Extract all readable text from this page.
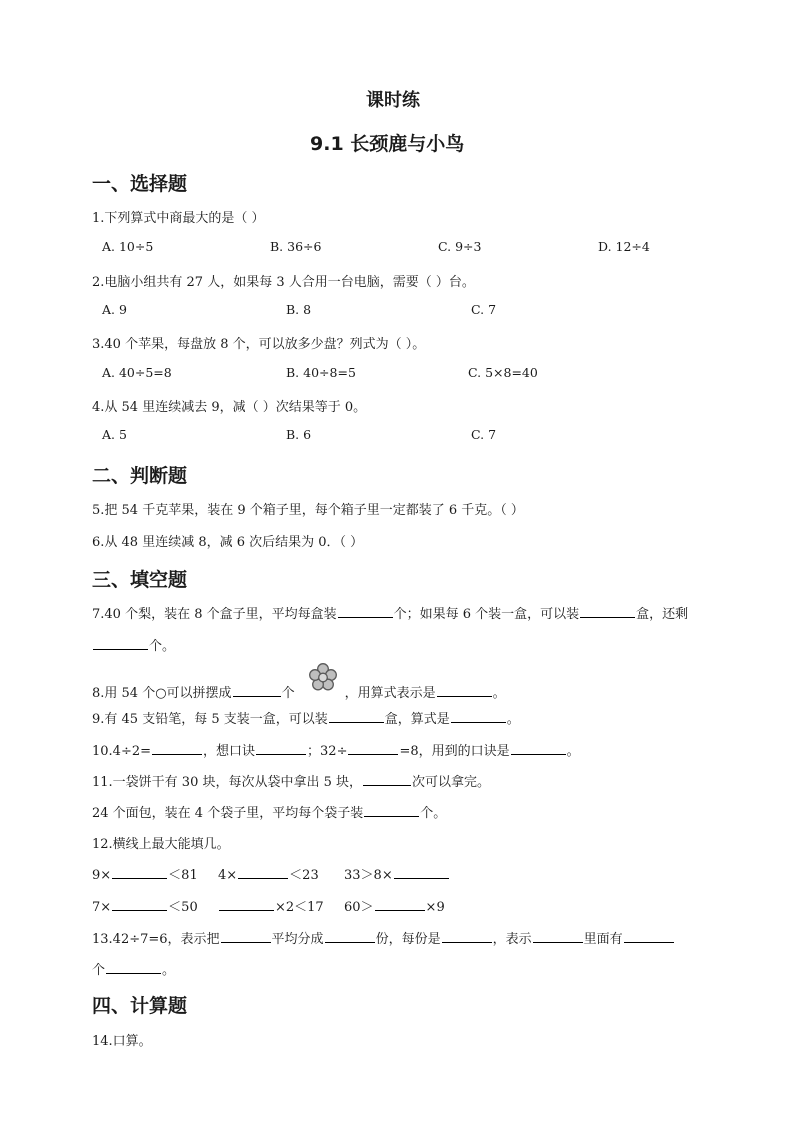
课时练
9.1 长颈鹿与小鸟
一、选择题
1.下列算式中商最大的是（ ）
A. 10÷5	B. 36÷6	C. 9÷3	D. 12÷4
2.电脑小组共有 27 人，如果每 3 人合用一台电脑，需要（ ）台。
A. 9	B. 8	C. 7
3.40 个苹果，每盘放 8 个，可以放多少盘？列式为（ ）。
A. 40÷5=8	B. 40÷8=5	C. 5×8=40
4.从 54 里连续减去 9，减（ ）次结果等于 0。
A. 5	B. 6	C. 7
二、判断题
5.把 54 千克苹果，装在 9 个箱子里，每个箱子里一定都装了 6 千克。（ ）
6.从 48 里连续减 8，减 6 次后结果为 0．（ ）
三、填空题
7.40 个梨，装在 8 个盒子里，平均每盒装	个；如果每 6 个装一盒，可以装	盒，还剩
个。
8.用 54 个○可以拼摆成	个	，用算式表示是	。
9.有 45 支铅笔，每 5 支装一盒，可以装	盒，算式是	。
10.4÷2=	，想口诀	；32÷	=8，用到的口诀是	。
11.一袋饼干有 30 块，每次从袋中拿出 5 块，	次可以拿完。
24 个面包，装在 4 个袋子里，平均每个袋子装	个。
12.横线上最大能填几。
9×	＜81 4×	＜23 33＞8×
7×	＜50	×2＜17 60＞	×9
13.42÷7=6，表示把	平均分成	份，每份是	，表示	里面有
个	。
四、计算题
14.口算。
